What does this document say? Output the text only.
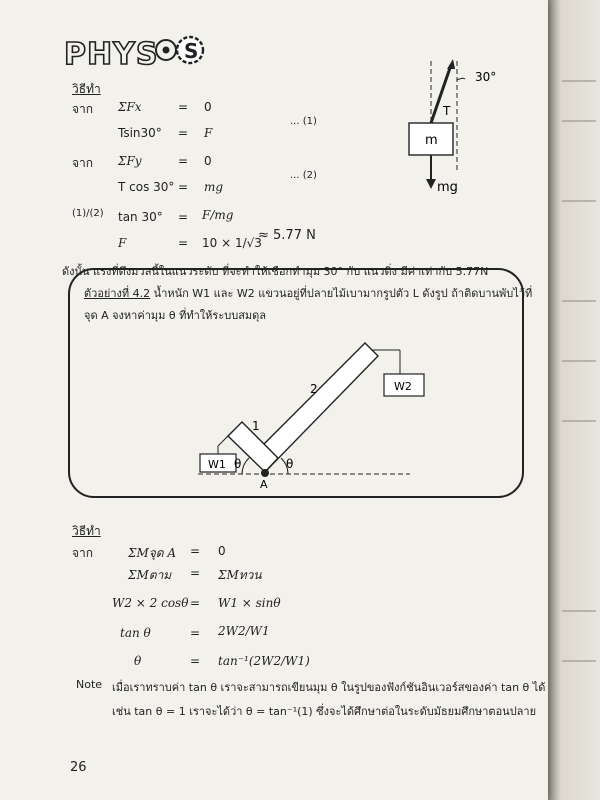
PHYS S
วิธีทำ
จาก ΣFx	= 0
Tsin30° = F
... (1)
จาก ΣFy	= 0
T cos 30° = mg
... (2)
(1)/(2) tan 30° = F/mg
F	= 10 × 1/√3
≈ 5.77 N
ดังนั้น แรงที่ดึงมวลนี้ในแนวระดับ ที่จะทำให้เชือกทำมุม 30° กับ แนวดิ่ง มีค่าเท่ากับ 5.77N
30°
T
m
mg
ตัวอย่างที่ 4.2 น้ำหนัก W1 และ W2 แขวนอยู่ที่ปลายไม้เบามากรูปตัว L ดังรูป ถ้าติดบานพับไว้ที่
จุด A จงหาค่ามุม θ ที่ทำให้ระบบสมดุล
2
1
W1
W2
θ	θ
A
วิธีทำ
จาก	ΣMจุด A = 0
ΣMตาม = ΣMทวน
W2 × 2 cosθ = W1 × sinθ
tan θ	= 2W2/W1
θ	= tan⁻¹(2W2/W1)
Note เมื่อเราทราบค่า tan θ เราจะสามารถเขียนมุม θ ในรูปของฟังก์ชันอินเวอร์สของค่า tan θ ได้
เช่น tan θ = 1 เราจะได้ว่า θ = tan⁻¹(1) ซึ่งจะได้ศึกษาต่อในระดับมัธยมศึกษาตอนปลาย
26
